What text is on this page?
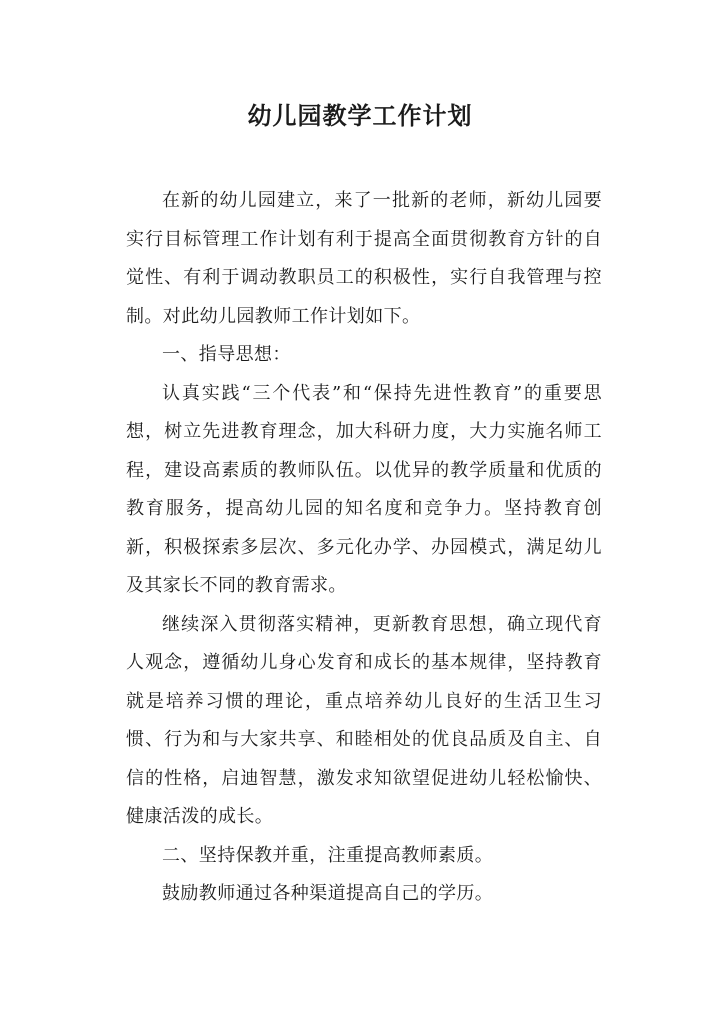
幼儿园教学工作计划

在新的幼儿园建立，来了一批新的老师，新幼儿园要实行目标管理工作计划有利于提高全面贯彻教育方针的自觉性、有利于调动教职员工的积极性，实行自我管理与控制。对此幼儿园教师工作计划如下。

一、指导思想：

认真实践“三个代表”和“保持先进性教育”的重要思想，树立先进教育理念，加大科研力度，大力实施名师工程，建设高素质的教师队伍。以优异的教学质量和优质的教育服务，提高幼儿园的知名度和竞争力。坚持教育创新，积极探索多层次、多元化办学、办园模式，满足幼儿及其家长不同的教育需求。

继续深入贯彻落实精神，更新教育思想，确立现代育人观念，遵循幼儿身心发育和成长的基本规律，坚持教育就是培养习惯的理论，重点培养幼儿良好的生活卫生习惯、行为和与大家共享、和睦相处的优良品质及自主、自信的性格，启迪智慧，激发求知欲望促进幼儿轻松愉快、健康活泼的成长。

二、坚持保教并重，注重提高教师素质。

鼓励教师通过各种渠道提高自己的学历。
